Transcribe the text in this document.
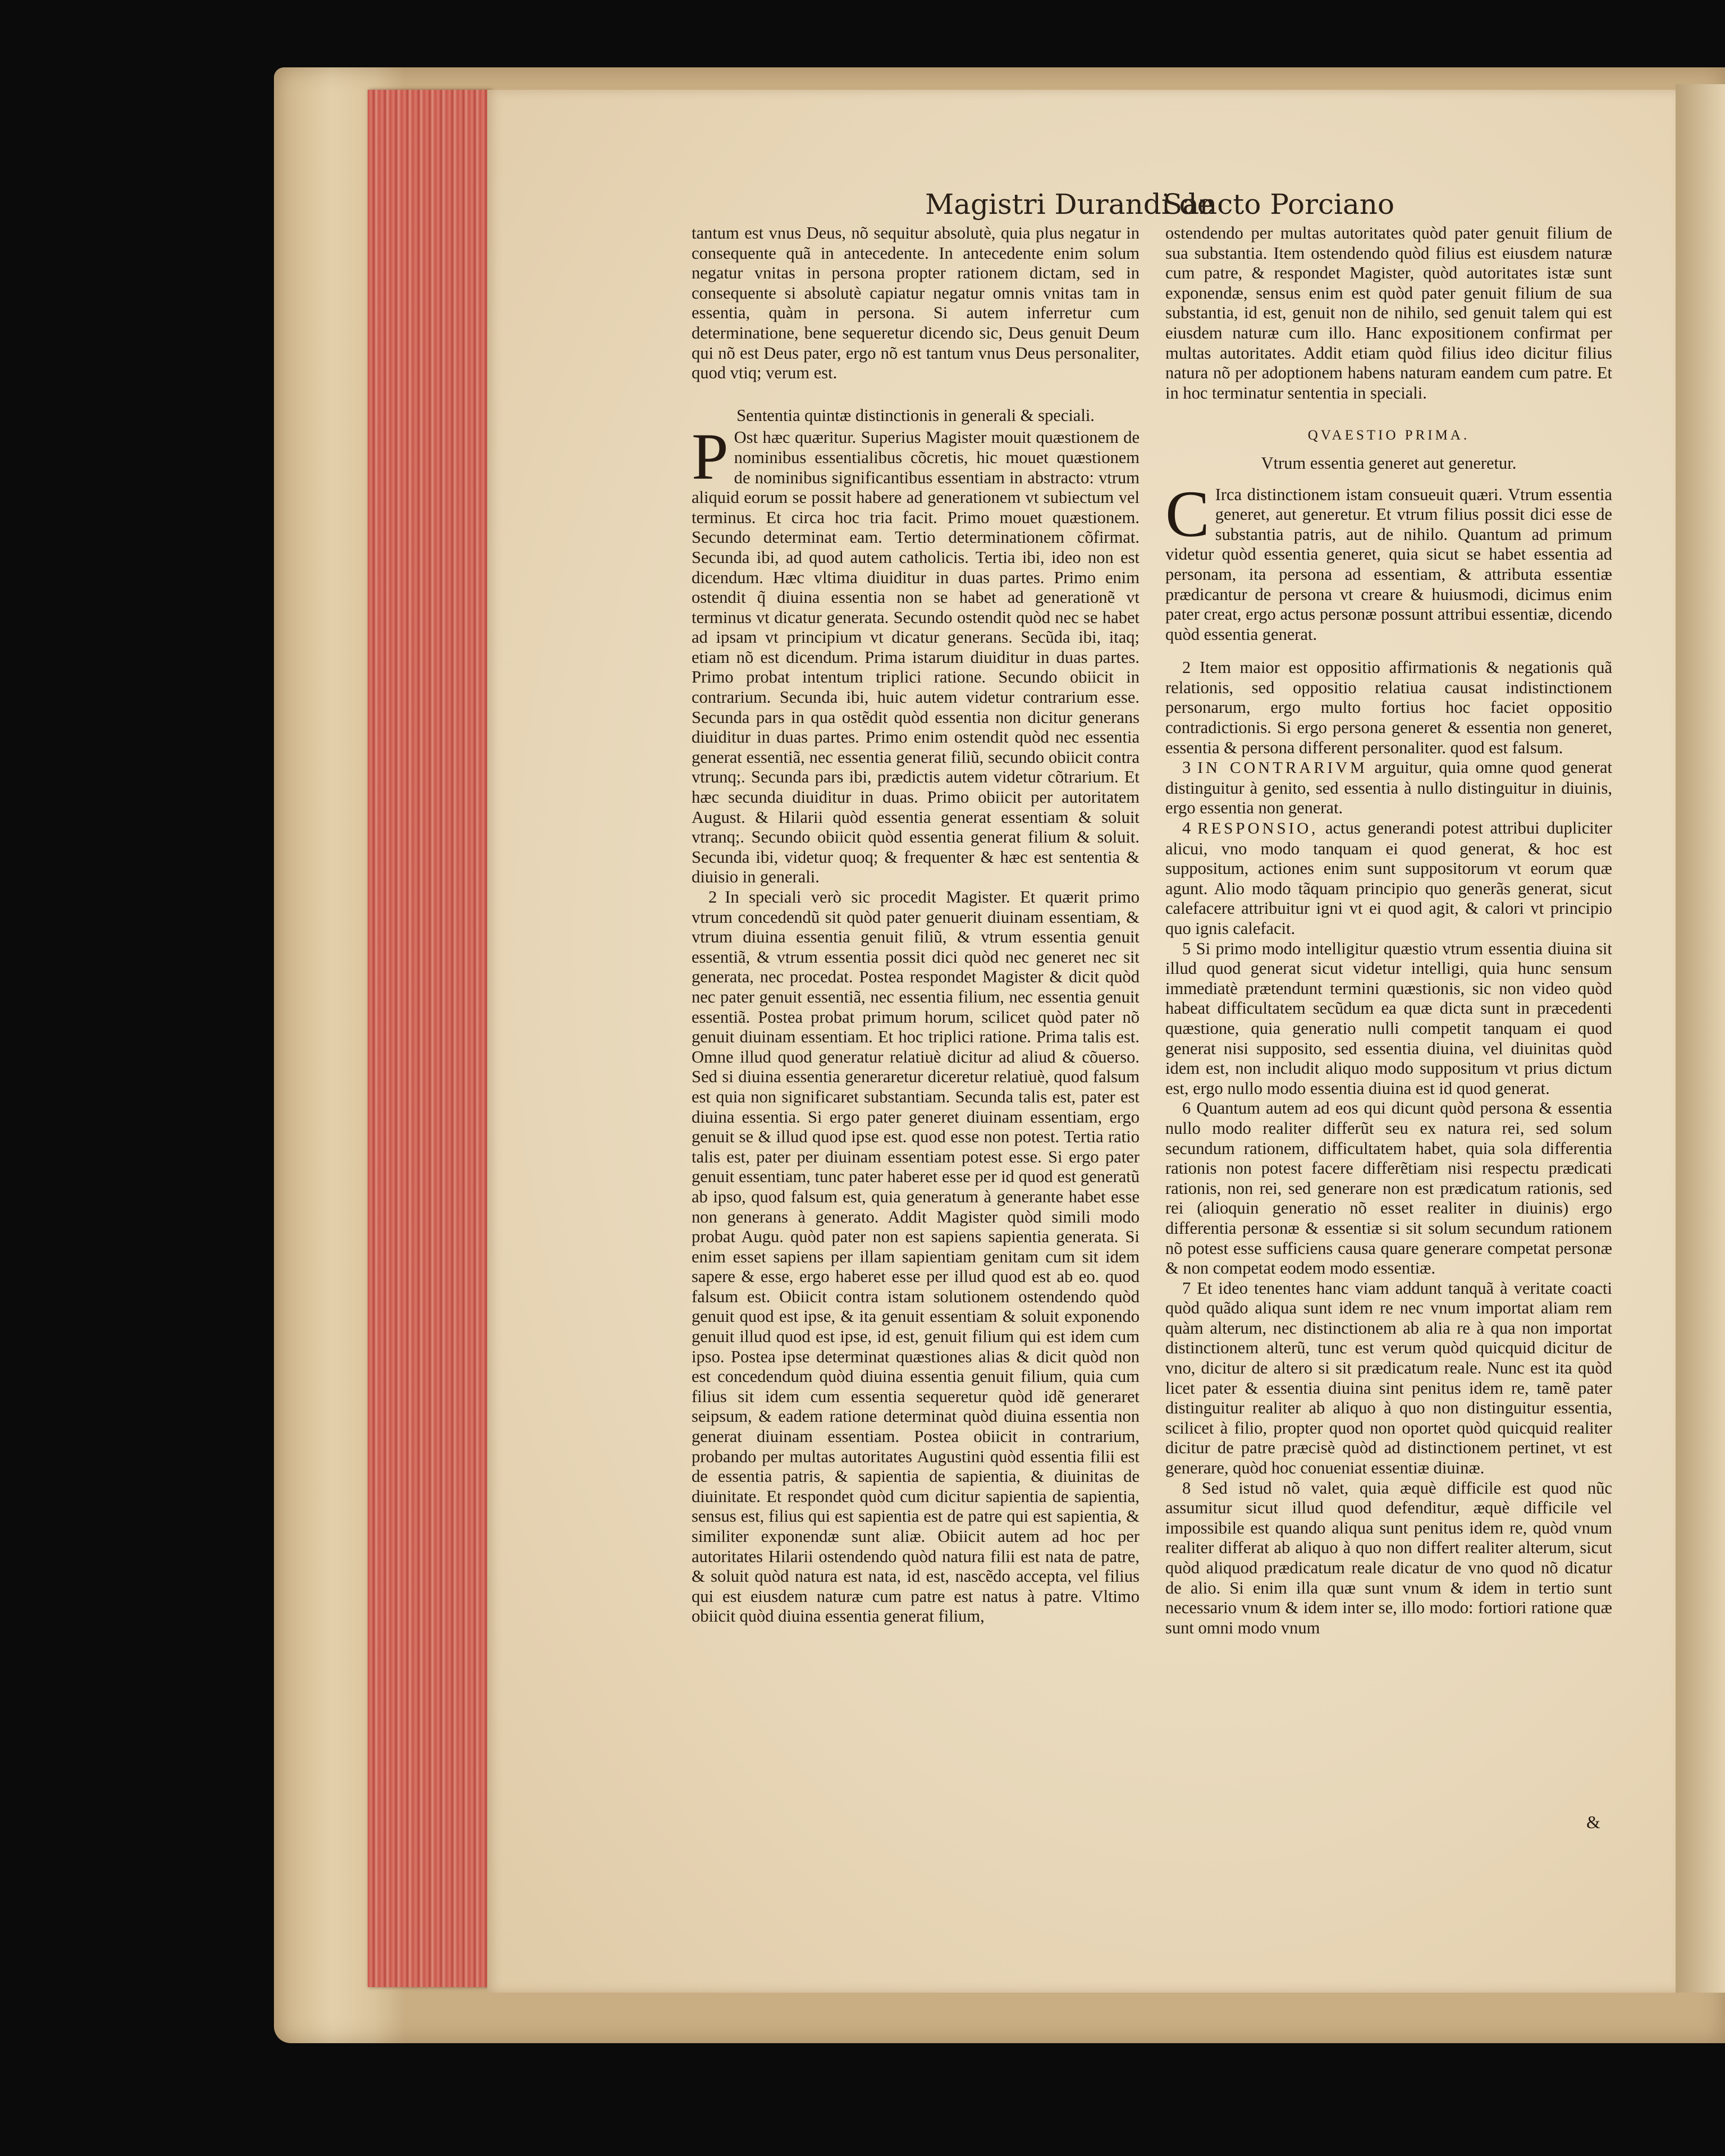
Magistri Durandi de
Sancto Porciano

tantum est vnus Deus, nõ sequitur absolutè, quia plus negatur in consequente quã in antecedente. In antecedente enim solum negatur vnitas in persona propter rationem dictam, sed in consequente si absolutè capiatur negatur omnis vnitas tam in essentia, quàm in persona. Si autem inferretur cum determinatione, bene sequeretur dicendo sic, Deus genuit Deum qui nõ est Deus pater, ergo nõ est tantum vnus Deus personaliter, quod vtiq; verum est.

Sententia quintæ distinctionis in generali & speciali.

P Ost hæc quæritur. Superius Magister mouit quæstionem de nominibus essentialibus cõcretis, hic mouet quæstionem de nominibus significantibus essentiam in abstracto: vtrum aliquid eorum se possit habere ad generationem vt subiectum vel terminus. Et circa hoc tria facit. Primo mouet quæstionem. Secundo determinat eam. Tertio determinationem cõfirmat. Secunda ibi, ad quod autem catholicis. Tertia ibi, ideo non est dicendum. Hæc vltima diuiditur in duas partes. Primo enim ostendit q̃ diuina essentia non se habet ad generationẽ vt terminus vt dicatur generata. Secundo ostendit quòd nec se habet ad ipsam vt principium vt dicatur generans. Secũda ibi, itaq; etiam nõ est dicendum. Prima istarum diuiditur in duas partes. Primo probat intentum triplici ratione. Secundo obiicit in contrarium. Secunda ibi, huic autem videtur contrarium esse. Secunda pars in qua ostẽdit quòd essentia non dicitur generans diuiditur in duas partes. Primo enim ostendit quòd nec essentia generat essentiã, nec essentia generat filiũ, secundo obiicit contra vtrunq;. Secunda pars ibi, prædictis autem videtur cõtrarium. Et hæc secunda diuiditur in duas. Primo obiicit per autoritatem August. & Hilarii quòd essentia generat essentiam & soluit vtranq;. Secundo obiicit quòd essentia generat filium & soluit. Secunda ibi, videtur quoq; & frequenter & hæc est sententia & diuisio in generali.

2 In speciali verò sic procedit Magister. Et quærit primo vtrum concedendũ sit quòd pater genuerit diuinam essentiam, & vtrum diuina essentia genuit filiũ, & vtrum essentia genuit essentiã, & vtrum essentia possit dici quòd nec generet nec sit generata, nec procedat. Postea respondet Magister & dicit quòd nec pater genuit essentiã, nec essentia filium, nec essentia genuit essentiã. Postea probat primum horum, scilicet quòd pater nõ genuit diuinam essentiam. Et hoc triplici ratione. Prima talis est. Omne illud quod generatur relatiuè dicitur ad aliud & cõuerso. Sed si diuina essentia generaretur diceretur relatiuè, quod falsum est quia non significaret substantiam. Secunda talis est, pater est diuina essentia. Si ergo pater generet diuinam essentiam, ergo genuit se & illud quod ipse est. quod esse non potest. Tertia ratio talis est, pater per diuinam essentiam potest esse. Si ergo pater genuit essentiam, tunc pater haberet esse per id quod est generatũ ab ipso, quod falsum est, quia generatum à generante habet esse non generans à generato. Addit Magister quòd simili modo probat Augu. quòd pater non est sapiens sapientia generata. Si enim esset sapiens per illam sapientiam genitam cum sit idem sapere & esse, ergo haberet esse per illud quod est ab eo. quod falsum est. Obiicit contra istam solutionem ostendendo quòd genuit quod est ipse, & ita genuit essentiam & soluit exponendo genuit illud quod est ipse, id est, genuit filium qui est idem cum ipso. Postea ipse determinat quæstiones alias & dicit quòd non est concedendum quòd diuina essentia genuit filium, quia cum filius sit idem cum essentia sequeretur quòd idẽ generaret seipsum, & eadem ratione determinat quòd diuina essentia non generat diuinam essentiam. Postea obiicit in contrarium, probando per multas autoritates Augustini quòd essentia filii est de essentia patris, & sapientia de sapientia, & diuinitas de diuinitate. Et respondet quòd cum dicitur sapientia de sapientia, sensus est, filius qui est sapientia est de patre qui est sapientia, & similiter exponendæ sunt aliæ. Obiicit autem ad hoc per autoritates Hilarii ostendendo quòd natura filii est nata de patre, & soluit quòd natura est nata, id est, nascẽdo accepta, vel filius qui est eiusdem naturæ cum patre est natus à patre. Vltimo obiicit quòd diuina essentia generat filium,

ostendendo per multas autoritates quòd pater genuit filium de sua substantia. Item ostendendo quòd filius est eiusdem naturæ cum patre, & respondet Magister, quòd autoritates istæ sunt exponendæ, sensus enim est quòd pater genuit filium de sua substantia, id est, genuit non de nihilo, sed genuit talem qui est eiusdem naturæ cum illo. Hanc expositionem confirmat per multas autoritates. Addit etiam quòd filius ideo dicitur filius natura nõ per adoptionem habens naturam eandem cum patre. Et in hoc terminatur sententia in speciali.

QVAESTIO PRIMA.

Vtrum essentia generet aut generetur.

C Irca distinctionem istam consueuit quæri. Vtrum essentia generet, aut generetur. Et vtrum filius possit dici esse de substantia patris, aut de nihilo. Quantum ad primum videtur quòd essentia generet, quia sicut se habet essentia ad personam, ita persona ad essentiam, & attributa essentiæ prædicantur de persona vt creare & huiusmodi, dicimus enim pater creat, ergo actus personæ possunt attribui essentiæ, dicendo quòd essentia generat.

2 Item maior est oppositio affirmationis & negationis quã relationis, sed oppositio relatiua causat indistinctionem personarum, ergo multo fortius hoc faciet oppositio contradictionis. Si ergo persona generet & essentia non generet, essentia & persona different personaliter. quod est falsum.

3 IN CONTRARIVM arguitur, quia omne quod generat distinguitur à genito, sed essentia à nullo distinguitur in diuinis, ergo essentia non generat.

4 RESPONSIO, actus generandi potest attribui dupliciter alicui, vno modo tanquam ei quod generat, & hoc est suppositum, actiones enim sunt suppositorum vt eorum quæ agunt. Alio modo tãquam principio quo generãs generat, sicut calefacere attribuitur igni vt ei quod agit, & calori vt principio quo ignis calefacit.

5 Si primo modo intelligitur quæstio vtrum essentia diuina sit illud quod generat sicut videtur intelligi, quia hunc sensum immediatè prætendunt termini quæstionis, sic non video quòd habeat difficultatem secũdum ea quæ dicta sunt in præcedenti quæstione, quia generatio nulli competit tanquam ei quod generat nisi supposito, sed essentia diuina, vel diuinitas quòd idem est, non includit aliquo modo suppositum vt prius dictum est, ergo nullo modo essentia diuina est id quod generat.

6 Quantum autem ad eos qui dicunt quòd persona & essentia nullo modo realiter differũt seu ex natura rei, sed solum secundum rationem, difficultatem habet, quia sola differentia rationis non potest facere differẽtiam nisi respectu prædicati rationis, non rei, sed generare non est prædicatum rationis, sed rei (alioquin generatio nõ esset realiter in diuinis) ergo differentia personæ & essentiæ si sit solum secundum rationem nõ potest esse sufficiens causa quare generare competat personæ & non competat eodem modo essentiæ.

7 Et ideo tenentes hanc viam addunt tanquã à veritate coacti quòd quãdo aliqua sunt idem re nec vnum importat aliam rem quàm alterum, nec distinctionem ab alia re à qua non importat distinctionem alterũ, tunc est verum quòd quicquid dicitur de vno, dicitur de altero si sit prædicatum reale. Nunc est ita quòd licet pater & essentia diuina sint penitus idem re, tamẽ pater distinguitur realiter ab aliquo à quo non distinguitur essentia, scilicet à filio, propter quod non oportet quòd quicquid realiter dicitur de patre præcisè quòd ad distinctionem pertinet, vt est generare, quòd hoc conueniat essentiæ diuinæ.

8 Sed istud nõ valet, quia æquè difficile est quod nũc assumitur sicut illud quod defenditur, æquè difficile vel impossibile est quando aliqua sunt penitus idem re, quòd vnum realiter differat ab aliquo à quo non differt realiter alterum, sicut quòd aliquod prædicatum reale dicatur de vno quod nõ dicatur de alio. Si enim illa quæ sunt vnum & idem in tertio sunt necessario vnum & idem inter se, illo modo: fortiori ratione quæ sunt omni modo vnum

&
